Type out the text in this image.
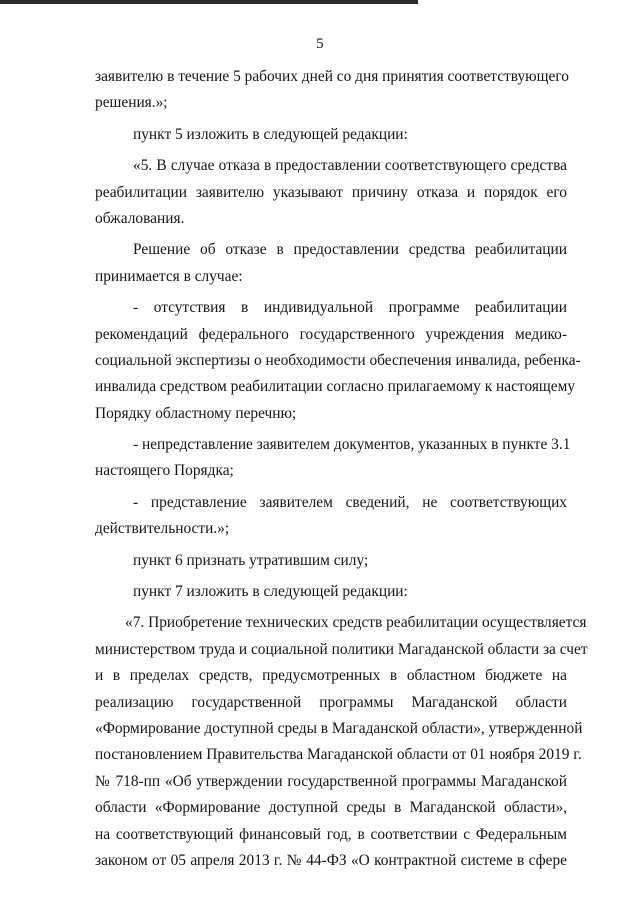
5
заявителю в течение 5 рабочих дней со дня принятия соответствующего
решения.»;
пункт 5 изложить в следующей редакции:
«5. В случае отказа в предоставлении соответствующего средства
реабилитации заявителю указывают причину отказа и порядок его
обжалования.
Решение об отказе в предоставлении средства реабилитации
принимается в случае:
- отсутствия в индивидуальной программе реабилитации
рекомендаций федерального государственного учреждения медико-
социальной экспертизы о необходимости обеспечения инвалида, ребенка-
инвалида средством реабилитации согласно прилагаемому к настоящему
Порядку областному перечню;
- непредставление заявителем документов, указанных в пункте 3.1
настоящего Порядка;
- представление заявителем сведений, не соответствующих
действительности.»;
пункт 6 признать утратившим силу;
пункт 7 изложить в следующей редакции:
«7. Приобретение технических средств реабилитации осуществляется
министерством труда и социальной политики Магаданской области за счет
и в пределах средств, предусмотренных в областном бюджете на
реализацию государственной программы Магаданской области
«Формирование доступной среды в Магаданской области», утвержденной
постановлением Правительства Магаданской области от 01 ноября 2019 г.
№ 718-пп «Об утверждении государственной программы Магаданской
области «Формирование доступной среды в Магаданской области»,
на соответствующий финансовый год, в соответствии с Федеральным
законом от 05 апреля 2013 г. № 44-ФЗ «О контрактной системе в сфере
